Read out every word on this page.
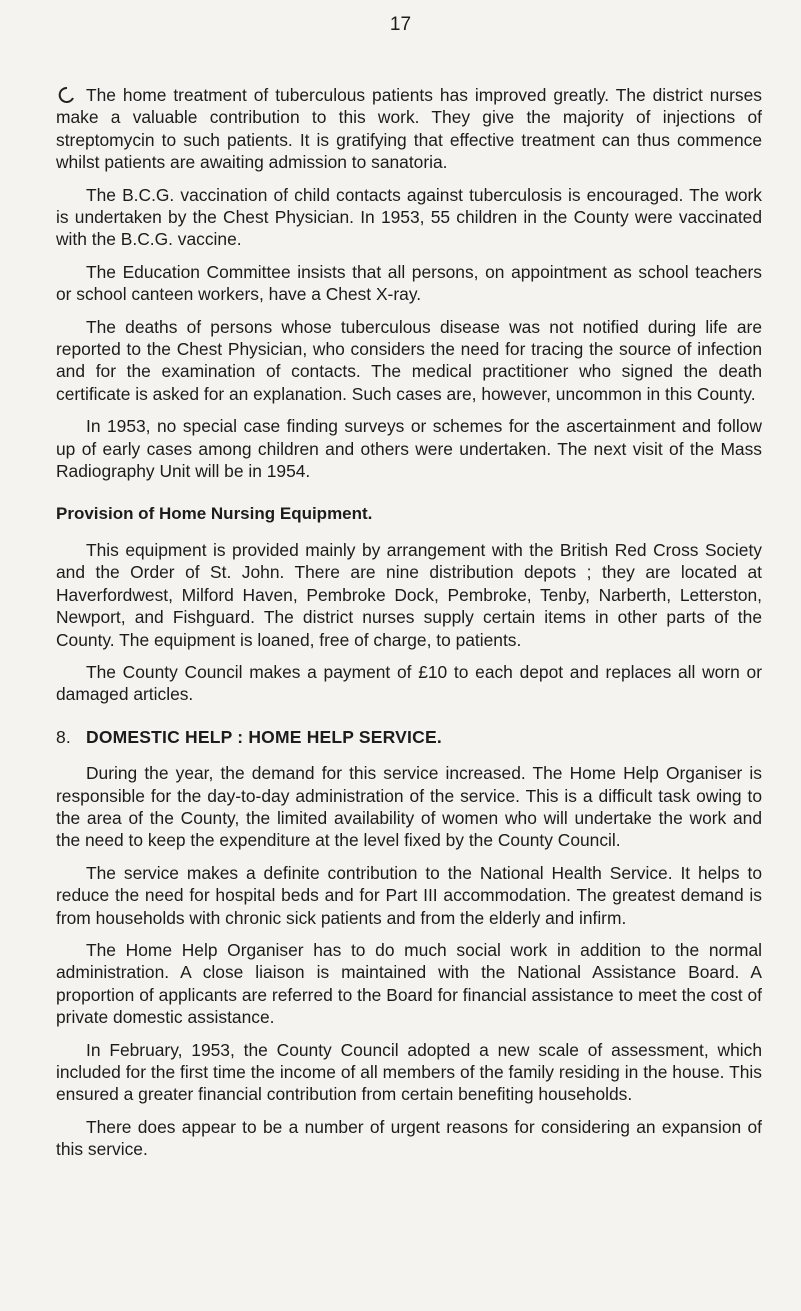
17

The home treatment of tuberculous patients has improved greatly. The district nurses make a valuable contribution to this work. They give the majority of injections of streptomycin to such patients. It is gratifying that effective treatment can thus commence whilst patients are awaiting admission to sanatoria.

The B.C.G. vaccination of child contacts against tuberculosis is encouraged. The work is undertaken by the Chest Physician. In 1953, 55 children in the County were vaccinated with the B.C.G. vaccine.

The Education Committee insists that all persons, on appointment as school teachers or school canteen workers, have a Chest X-ray.

The deaths of persons whose tuberculous disease was not notified during life are reported to the Chest Physician, who considers the need for tracing the source of infection and for the examination of contacts. The medical practitioner who signed the death certificate is asked for an explanation. Such cases are, however, uncommon in this County.

In 1953, no special case finding surveys or schemes for the ascertainment and follow up of early cases among children and others were undertaken. The next visit of the Mass Radiography Unit will be in 1954.

Provision of Home Nursing Equipment.

This equipment is provided mainly by arrangement with the British Red Cross Society and the Order of St. John. There are nine distribution depots ; they are located at Haverfordwest, Milford Haven, Pembroke Dock, Pembroke, Tenby, Narberth, Letterston, Newport, and Fishguard. The district nurses supply certain items in other parts of the County. The equipment is loaned, free of charge, to patients.

The County Council makes a payment of £10 to each depot and replaces all worn or damaged articles.

8. DOMESTIC HELP : HOME HELP SERVICE.

During the year, the demand for this service increased. The Home Help Organiser is responsible for the day-to-day administration of the service. This is a difficult task owing to the area of the County, the limited availability of women who will undertake the work and the need to keep the expenditure at the level fixed by the County Council.

The service makes a definite contribution to the National Health Service. It helps to reduce the need for hospital beds and for Part III accommodation. The greatest demand is from households with chronic sick patients and from the elderly and infirm.

The Home Help Organiser has to do much social work in addition to the normal administration. A close liaison is maintained with the National Assistance Board. A proportion of applicants are referred to the Board for financial assistance to meet the cost of private domestic assistance.

In February, 1953, the County Council adopted a new scale of assessment, which included for the first time the income of all members of the family residing in the house. This ensured a greater financial contribution from certain benefiting households.

There does appear to be a number of urgent reasons for considering an expansion of this service.
